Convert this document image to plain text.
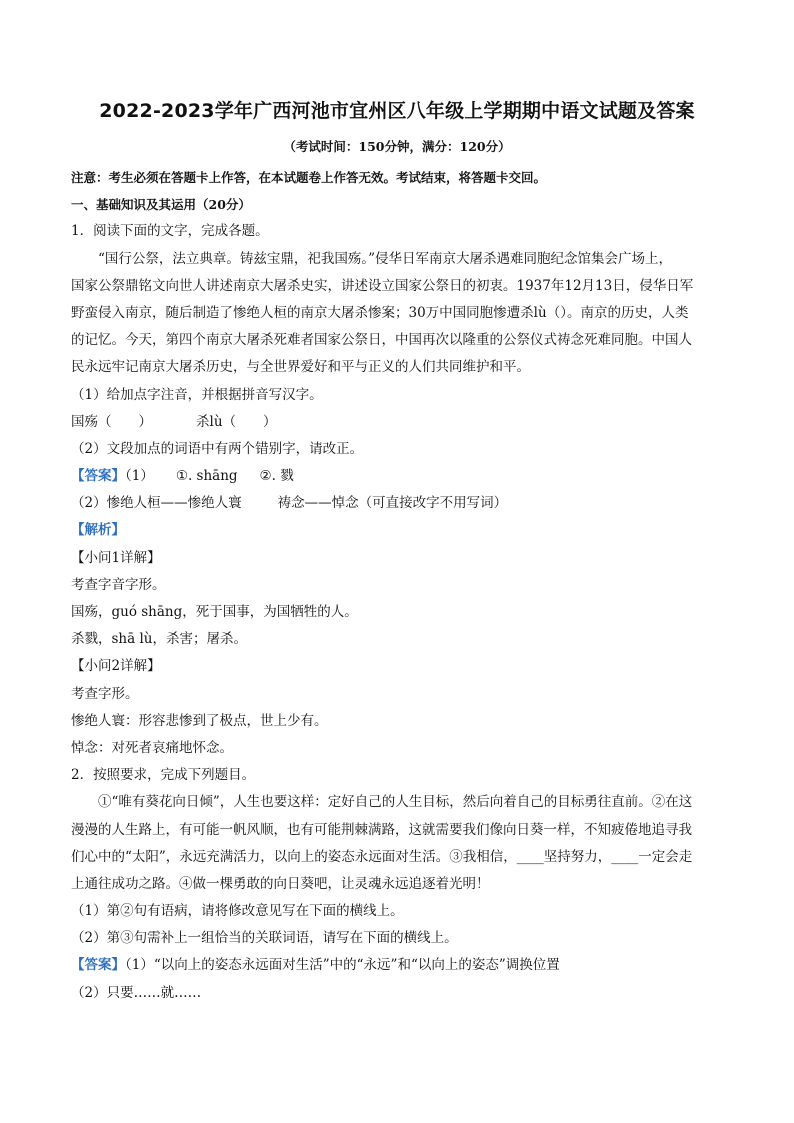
2022-2023学年广西河池市宜州区八年级上学期期中语文试题及答案
（考试时间：150分钟，满分：120分）
注意：考生必须在答题卡上作答，在本试题卷上作答无效。考试结束，将答题卡交回。
一、基础知识及其运用（20分）
1．阅读下面的文字，完成各题。
“国行公祭，法立典章。铸兹宝鼎，祀我国殇。”侵华日军南京大屠杀遇难同胞纪念馆集会广场上，
国家公祭鼎铭文向世人讲述南京大屠杀史实，讲述设立国家公祭日的初衷。1937年12月13日，侵华日军
野蛮侵入南京，随后制造了惨绝人桓的南京大屠杀惨案；30万中国同胞惨遭杀lù（）。南京的历史，人类
的记忆。今天，第四个南京大屠杀死难者国家公祭日，中国再次以隆重的公祭仪式祷念死难同胞。中国人
民永远牢记南京大屠杀历史，与全世界爱好和平与正义的人们共同维护和平。
（1）给加点字注音，并根据拼音写汉字。
国殇（　　）	杀lù（　　）
（2）文段加点的词语中有两个错别字，请改正。
【答案】（1） ①. shāng ②. 戮
（2）惨绝人桓——惨绝人寰	祷念——悼念（可直接改字不用写词）
【解析】
【小问1详解】
考查字音字形。
国殇，guó shāng，死于国事，为国牺牲的人。
杀戮，shā lù，杀害；屠杀。
【小问2详解】
考查字形。
惨绝人寰：形容悲惨到了极点，世上少有。
悼念：对死者哀痛地怀念。
2．按照要求，完成下列题目。
①“唯有葵花向日倾”，人生也要这样：定好自己的人生目标，然后向着自己的目标勇往直前。②在这
漫漫的人生路上，有可能一帆风顺，也有可能荆棘满路，这就需要我们像向日葵一样，不知疲倦地追寻我
们心中的“太阳”，永远充满活力，以向上的姿态永远面对生活。③我相信，____坚持努力，____一定会走
上通往成功之路。④做一棵勇敢的向日葵吧，让灵魂永远追逐着光明！
（1）第②句有语病，请将修改意见写在下面的横线上。
（2）第③句需补上一组恰当的关联词语，请写在下面的横线上。
【答案】（1）“以向上的姿态永远面对生活”中的“永远”和“以向上的姿态”调换位置
（2）只要……就……
